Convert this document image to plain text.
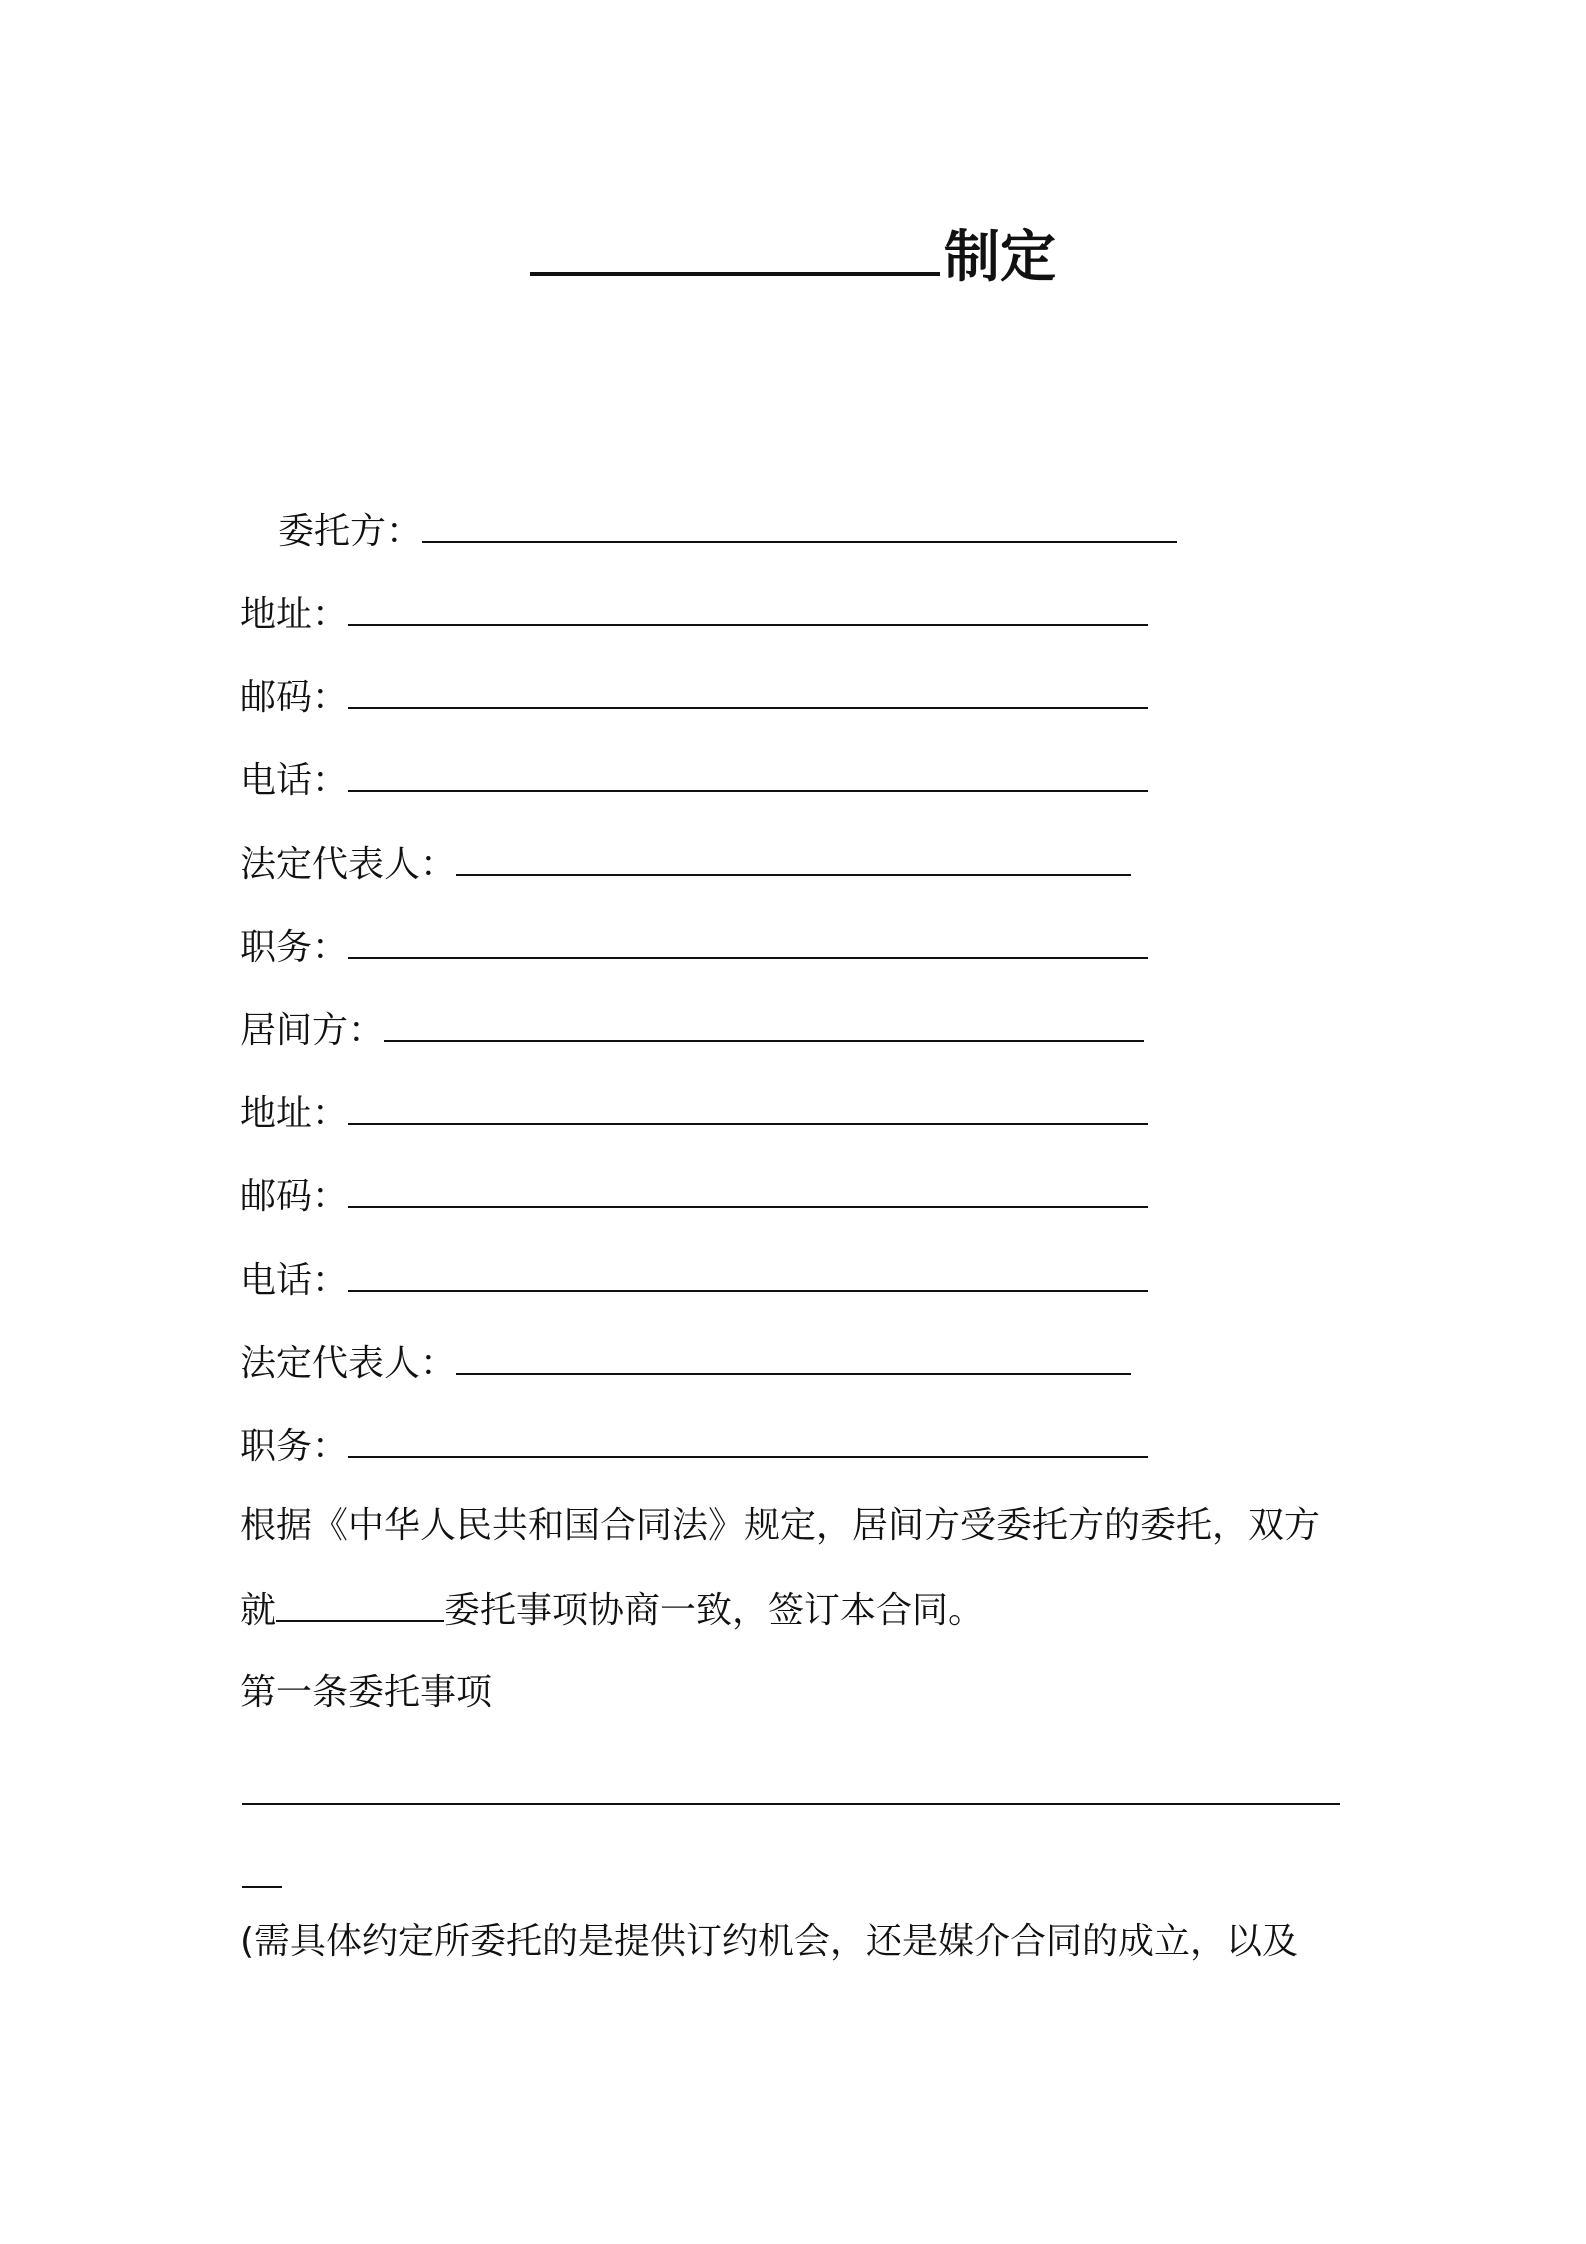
制定
委托方：
地址：
邮码：
电话：
法定代表人：
职务：
居间方：
地址：
邮码：
电话：
法定代表人：
职务：
根据《中华人民共和国合同法》规定，居间方受委托方的委托，双方
就	委托事项协商一致，签订本合同。
第一条委托事项
(需具体约定所委托的是提供订约机会，还是媒介合同的成立，以及
